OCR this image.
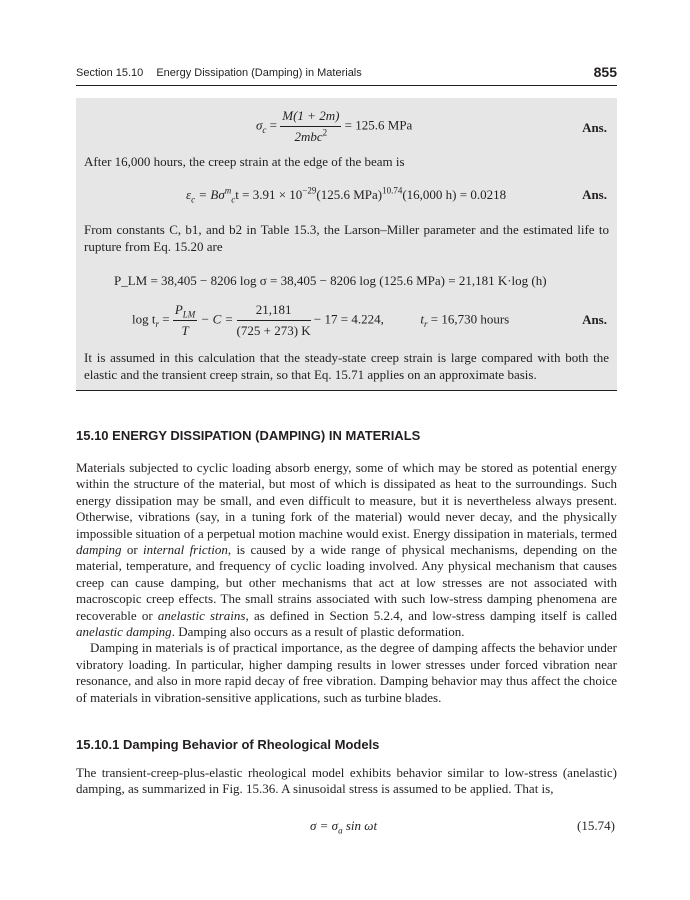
Section 15.10 Energy Dissipation (Damping) in Materials	855
$\sigma_c = \frac{M(1 + 2m)}{2mbc^2} = 125.6$ MPa	Ans.
After 16,000 hours, the creep strain at the edge of the beam is
$\varepsilon_c = B\sigma^m_ct = 3.91 \times 10^{-29}(125.6$ MPa)$^{10.74}$(16,000 h) = 0.0218	Ans.
From constants C, b1, and b2 in Table 15.3, the Larson–Miller parameter and the estimated life to rupture from Eq. 15.20 are
P_LM = 38,405 − 8206 log σ = 38,405 − 8206 log (125.6 MPa) = 21,181 K·log (h)
$\log t_r = \frac{P_{LM}}{T} - C = \frac{21,181}{(725 + 273) K} - 17 = 4.224$,	$t_r = 16,730$ hours	Ans.
It is assumed in this calculation that the steady-state creep strain is large compared with both the elastic and the transient creep strain, so that Eq. 15.71 applies on an approximate basis.
15.10 ENERGY DISSIPATION (DAMPING) IN MATERIALS

Materials subjected to cyclic loading absorb energy, some of which may be stored as potential energy within the structure of the material, but most of which is dissipated as heat to the surroundings. Such energy dissipation may be small, and even difficult to measure, but it is nevertheless always present. Otherwise, vibrations (say, in a tuning fork of the material) would never decay, and the physically impossible situation of a perpetual motion machine would exist. Energy dissipation in materials, termed damping or internal friction, is caused by a wide range of physical mechanisms, depending on the material, temperature, and frequency of cyclic loading involved. Any physical mechanism that causes creep can cause damping, but other mechanisms that act at low stresses are not associated with macroscopic creep effects. The small strains associated with such low-stress damping phenomena are recoverable or anelastic strains, as defined in Section 5.2.4, and low-stress damping itself is called anelastic damping. Damping also occurs as a result of plastic deformation.

Damping in materials is of practical importance, as the degree of damping affects the behavior under vibratory loading. In particular, higher damping results in lower stresses under forced vibration near resonance, and also in more rapid decay of free vibration. Damping behavior may thus affect the choice of materials in vibration-sensitive applications, such as turbine blades.

15.10.1 Damping Behavior of Rheological Models

The transient-creep-plus-elastic rheological model exhibits behavior similar to low-stress (anelastic) damping, as summarized in Fig. 15.36. A sinusoidal stress is assumed to be applied. That is,

$\sigma = \sigma_a$ sin ωt	(15.74)
